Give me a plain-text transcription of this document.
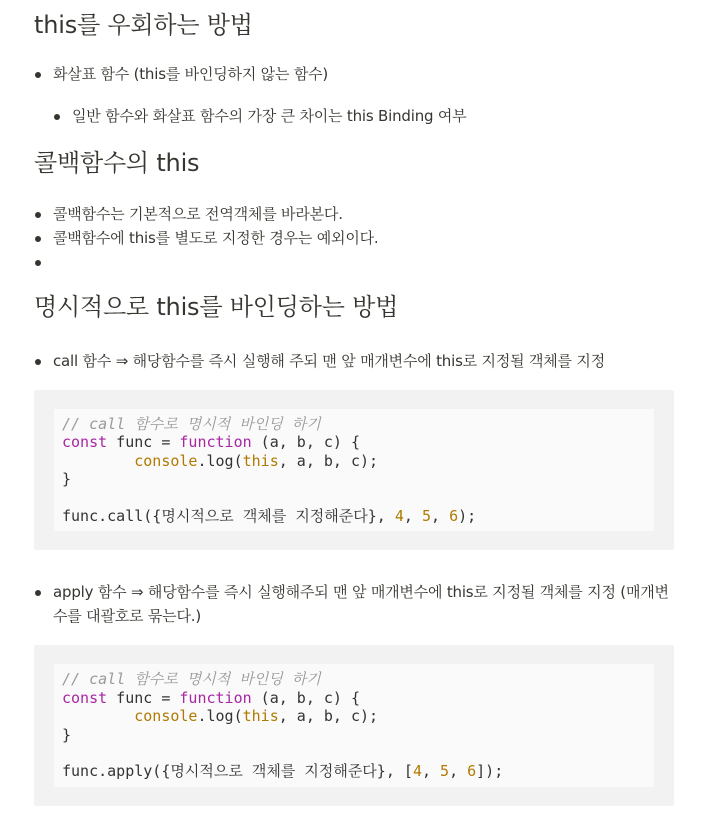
this를 우회하는 방법
화살표 함수 (this를 바인딩하지 않는 함수)
일반 함수와 화살표 함수의 가장 큰 차이는 this Binding 여부
콜백함수의 this
콜백함수는 기본적으로 전역객체를 바라본다.
콜백함수에 this를 별도로 지정한 경우는 예외이다.
명시적으로 this를 바인딩하는 방법
call 함수 ⇒ 해당함수를 즉시 실행해 주되 맨 앞 매개변수에 this로 지정될 객체를 지정
// call 함수로 명시적 바인딩 하기
const func = function (a, b, c) {
console.log(this, a, b, c);
}

func.call({명시적으로 객체를 지정해준다}, 4, 5, 6);
apply 함수 ⇒ 해당함수를 즉시 실행해주되 맨 앞 매개변수에 this로 지정될 객체를 지정 (매개변수를 대괄호로 묶는다.)
// call 함수로 명시적 바인딩 하기
const func = function (a, b, c) {
console.log(this, a, b, c);
}

func.apply({명시적으로 객체를 지정해준다}, [4, 5, 6]);
